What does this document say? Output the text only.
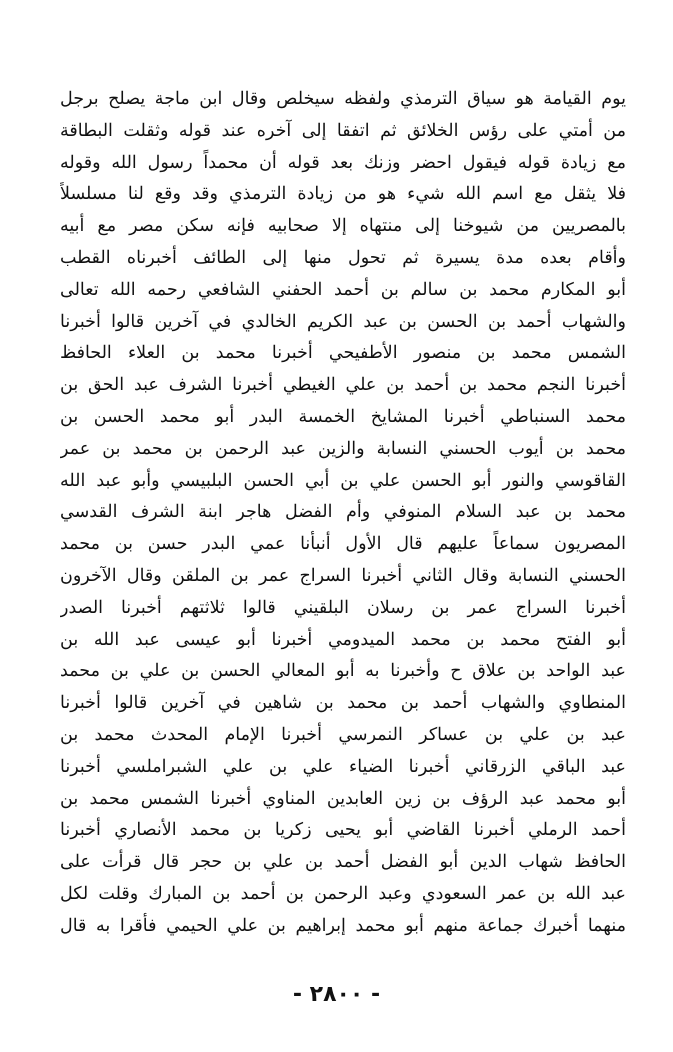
يوم القيامة هو سياق الترمذي ولفظه سيخلص وقال ابن ماجة يصلح برجل
من أمتي على رؤس الخلائق ثم اتفقا إلى آخره عند قوله وثقلت البطاقة
مع زيادة قوله فيقول احضر وزنك بعد قوله أن محمداً رسول الله وقوله
فلا يثقل مع اسم الله شيء هو من زيادة الترمذي وقد وقع لنا مسلسلاً
بالمصريين من شيوخنا إلى منتهاه إلا صحابيه فإنه سكن مصر مع أبيه
وأقام بعده مدة يسيرة ثم تحول منها إلى الطائف أخبرناه القطب
أبو المكارم محمد بن سالم بن أحمد الحفني الشافعي رحمه الله تعالى
والشهاب أحمد بن الحسن بن عبد الكريم الخالدي في آخرين قالوا أخبرنا
الشمس محمد بن منصور الأطفيحي أخبرنا محمد بن العلاء الحافظ
أخبرنا النجم محمد بن أحمد بن علي الغيطي أخبرنا الشرف عبد الحق بن
محمد السنباطي أخبرنا المشايخ الخمسة البدر أبو محمد الحسن بن
محمد بن أيوب الحسني النسابة والزين عبد الرحمن بن محمد بن عمر
القاقوسي والنور أبو الحسن علي بن أبي الحسن البلبيسي وأبو عبد الله
محمد بن عبد السلام المنوفي وأم الفضل هاجر ابنة الشرف القدسي
المصريون سماعاً عليهم قال الأول أنبأنا عمي البدر حسن بن محمد
الحسني النسابة وقال الثاني أخبرنا السراج عمر بن الملقن وقال الآخرون
أخبرنا السراج عمر بن رسلان البلقيني قالوا ثلاثتهم أخبرنا الصدر
أبو الفتح محمد بن محمد الميدومي أخبرنا أبو عيسى عبد الله بن
عبد الواحد بن علاق ح وأخبرنا به أبو المعالي الحسن بن علي بن محمد
المنطاوي والشهاب أحمد بن محمد بن شاهين في آخرين قالوا أخبرنا
عبد بن علي بن عساكر النمرسي أخبرنا الإمام المحدث محمد بن
عبد الباقي الزرقاني أخبرنا الضياء علي بن علي الشبراملسي أخبرنا
أبو محمد عبد الرؤف بن زين العابدين المناوي أخبرنا الشمس محمد بن
أحمد الرملي أخبرنا القاضي أبو يحيى زكريا بن محمد الأنصاري أخبرنا
الحافظ شهاب الدين أبو الفضل أحمد بن علي بن حجر قال قرأت على
عبد الله بن عمر السعودي وعبد الرحمن بن أحمد بن المبارك وقلت لكل
منهما أخبرك جماعة منهم أبو محمد إبراهيم بن علي الحيمي فأقرا به قال
- ٢٨٠٠ -
